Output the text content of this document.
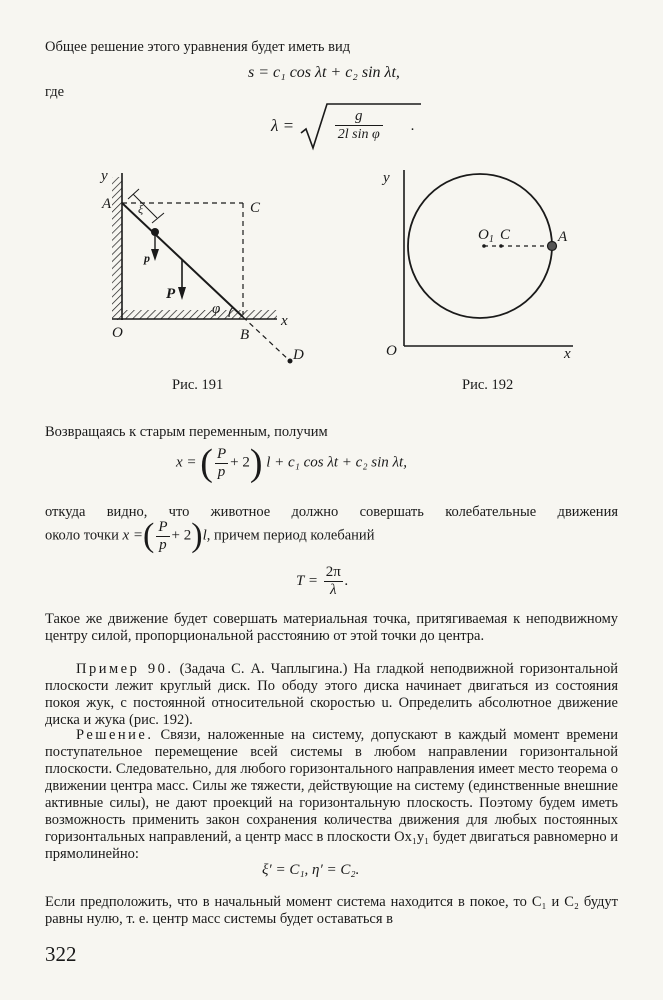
Общее решение этого уравнения будет иметь вид
s = c₁ cos λt + c₂ sin λt,
где
λ =	$\frac{g}{\text{2l sin φ}}$ .
y
A	C
ξ
p
P
φ
O	B
x
D
Рис. 191
y
$O_1$ C	A
O	x
Рис. 192
Возвращаясь к старым переменным, получим
x = ( $\frac{P}{p} + 2$) l + c₁ cos λt + c₂ sin λt,
откуда видно, что животное должно совершать колебательные движения
около точки x =( $\frac{P}{p} + 2)l$, причем период колебаний
$T = \frac{2\pi}{\lambda}$ .
Такое же движение будет совершать материальная точка, притягиваемая к неподвижному центру силой, пропорциональной расстоянию от этой точки до центра.
Пример 90. (Задача С. А. Чаплыгина.) На гладкой неподвижной горизонтальной плоскости лежит круглый диск. По ободу этого диска начинает двигаться из состояния покоя жук, с постоянной относительной скоростью u. Определить абсолютное движение диска и жука (рис. 192).
Решение. Связи, наложенные на систему, допускают в каждый момент времени поступательное перемещение всей системы в любом направлении горизонтальной плоскости. Следовательно, для любого горизонтального направления имеет место теорема о движении центра масс. Силы же тяжести, действующие на систему (единственные внешние активные силы), не дают проекций на горизонтальную плоскость. Поэтому будем иметь возможность применить закон сохранения количества движения для любых постоянных горизонтальных направлений, а центр масс в плоскости Ox₁y₁ будет двигаться равномерно и прямолинейно:
ξ′ = C₁, η′ = C₂.
Если предположить, что в начальный момент система находится в покое, то C₁ и C₂ будут равны нулю, т. е. центр масс системы будет оставаться в
322
